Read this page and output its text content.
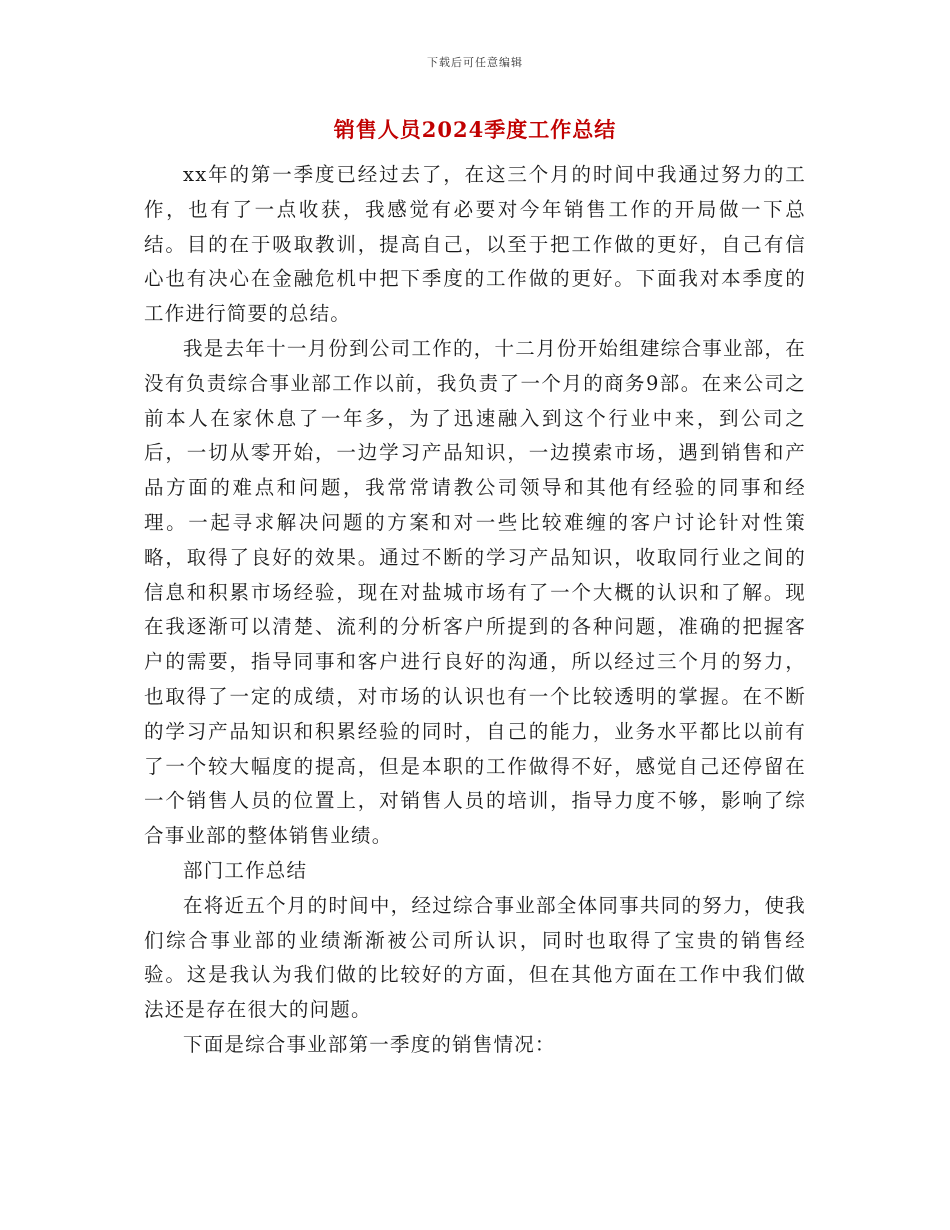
下载后可任意编辑
销售人员2024季度工作总结

xx年的第一季度已经过去了，在这三个月的时间中我通过努力的工作，也有了一点收获，我感觉有必要对今年销售工作的开局做一下总结。目的在于吸取教训，提高自己，以至于把工作做的更好，自己有信心也有决心在金融危机中把下季度的工作做的更好。下面我对本季度的工作进行简要的总结。

我是去年十一月份到公司工作的，十二月份开始组建综合事业部，在没有负责综合事业部工作以前，我负责了一个月的商务9部。在来公司之前本人在家休息了一年多，为了迅速融入到这个行业中来，到公司之后，一切从零开始，一边学习产品知识，一边摸索市场，遇到销售和产品方面的难点和问题，我常常请教公司领导和其他有经验的同事和经理。一起寻求解决问题的方案和对一些比较难缠的客户讨论针对性策略，取得了良好的效果。通过不断的学习产品知识，收取同行业之间的信息和积累市场经验，现在对盐城市场有了一个大概的认识和了解。现在我逐渐可以清楚、流利的分析客户所提到的各种问题，准确的把握客户的需要，指导同事和客户进行良好的沟通，所以经过三个月的努力，也取得了一定的成绩，对市场的认识也有一个比较透明的掌握。在不断的学习产品知识和积累经验的同时，自己的能力，业务水平都比以前有了一个较大幅度的提高，但是本职的工作做得不好，感觉自己还停留在一个销售人员的位置上，对销售人员的培训，指导力度不够，影响了综合事业部的整体销售业绩。

部门工作总结

在将近五个月的时间中，经过综合事业部全体同事共同的努力，使我们综合事业部的业绩渐渐被公司所认识，同时也取得了宝贵的销售经验。这是我认为我们做的比较好的方面，但在其他方面在工作中我们做法还是存在很大的问题。

下面是综合事业部第一季度的销售情况：
